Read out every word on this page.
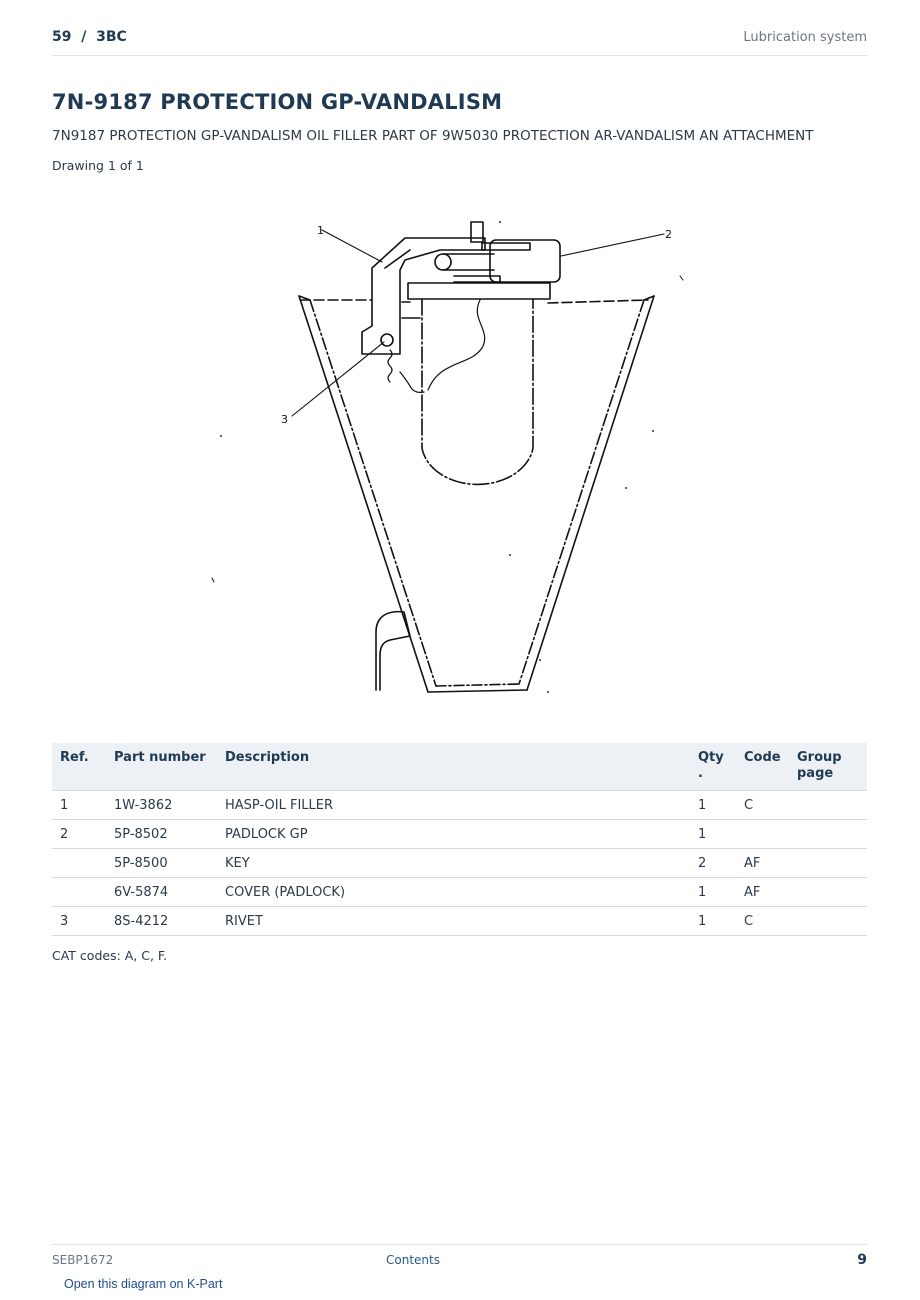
59  /  3BC	Lubrication system
7N-9187 PROTECTION GP-VANDALISM
7N9187 PROTECTION GP-VANDALISM OIL FILLER PART OF 9W5030 PROTECTION AR-VANDALISM AN ATTACHMENT
Drawing 1 of 1
1	2
3
Ref.	Part number	Description	Qty .	Code	Group page
1	1W-3862	HASP-OIL FILLER	1	C	
2	5P-8502	PADLOCK GP	1		
	5P-8500	KEY	2	AF	
	6V-5874	COVER (PADLOCK)	1	AF	
3	8S-4212	RIVET	1	C	
CAT codes: A, C, F.
SEBP1672	Contents	9
Open this diagram on K-Part
